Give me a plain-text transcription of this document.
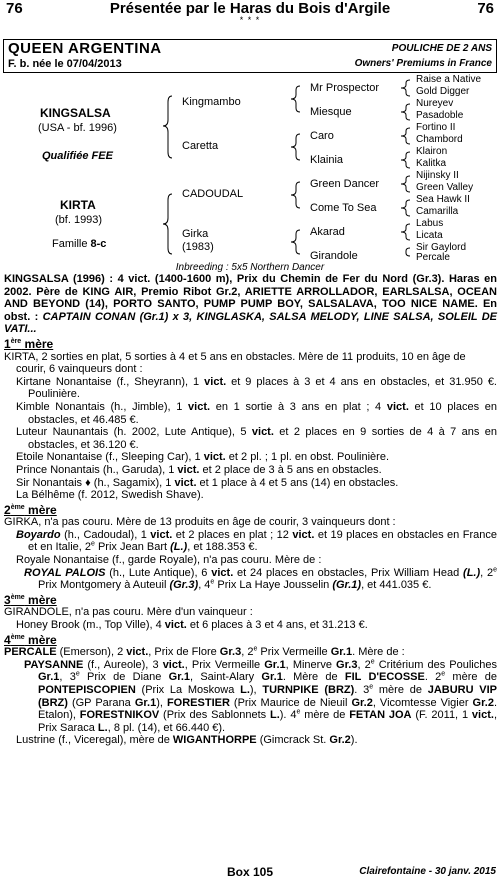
76	Présentée par le Haras du Bois d'Argile	76
* * *
QUEEN ARGENTINA	POULICHE DE 2 ANS
F. b. née le 07/04/2013	Owners' Premiums in France
KINGSALSA
(USA - bf. 1996)
Qualifiée FEE
KIRTA
(bf. 1993)
Famille 8-c
Kingmambo
Caretta
CADOUDAL
Girka
(1983)
Mr Prospector
Miesque
Caro
Klainia
Green Dancer
Come To Sea
Akarad
Girandole
Raise a Native
Gold Digger
Nureyev
Pasadoble
Fortino II
Chambord
Klairon
Kalitka
Nijinsky II
Green Valley
Sea Hawk II
Camarilla
Labus
Licata
Sir Gaylord
Percale
Inbreeding : 5x5 Northern Dancer

KINGSALSA (1996) : 4 vict. (1400-1600 m), Prix du Chemin de Fer du Nord (Gr.3). Haras en 2002. Père de KING AIR, Premio Ribot Gr.2, ARIETTE ARROLLADOR, EARLSALSA, OCEAN AND BEYOND (14), PORTO SANTO, PUMP PUMP BOY, SALSALAVA, TOO NICE NAME. En obst. : CAPTAIN CONAN (Gr.1) x 3, KINGLASKA, SALSA MELODY, LINE SALSA, SOLEIL DE VATI...

1ère mère

KIRTA, 2 sorties en plat, 5 sorties à 4 et 5 ans en obstacles. Mère de 11 produits, 10 en âge de courir, 6 vainqueurs dont :

Kirtane Nonantaise (f., Sheyrann), 1 vict. et 9 places à 3 et 4 ans en obstacles, et 31.950 €. Poulinière.

Kimble Nonantais (h., Jimble), 1 vict. en 1 sortie à 3 ans en plat ; 4 vict. et 10 places en obstacles, et 46.485 €.

Luteur Naunantais (h. 2002, Lute Antique), 5 vict. et 2 places en 9 sorties de 4 à 7 ans en obstacles, et 36.120 €.

Etoile Nonantaise (f., Sleeping Car), 1 vict. et 2 pl. ; 1 pl. en obst. Poulinière.

Prince Nonantais (h., Garuda), 1 vict. et 2 place de 3 à 5 ans en obstacles.

Sir Nonantais ♦ (h., Sagamix), 1 vict. et 1 place à 4 et 5 ans (14) en obstacles.

La Bélhême (f. 2012, Swedish Shave).

2ème mère

GIRKA, n'a pas couru. Mère de 13 produits en âge de courir, 3 vainqueurs dont :

Boyardo (h., Cadoudal), 1 vict. et 2 places en plat ; 12 vict. et 19 places en obstacles en France et en Italie, 2e Prix Jean Bart (L.), et 188.353 €.

Royale Nonantaise (f., garde Royale), n'a pas couru. Mère de :

ROYAL PALOIS (h., Lute Antique), 6 vict. et 24 places en obstacles, Prix William Head (L.), 2e Prix Montgomery à Auteuil (Gr.3), 4e Prix La Haye Jousselin (Gr.1), et 441.035 €.

3ème mère

GIRANDOLE, n'a pas couru. Mère d'un vainqueur :

Honey Brook (m., Top Ville), 4 vict. et 6 places à 3 et 4 ans, et 31.213 €.

4ème mère

PERCALE (Emerson), 2 vict., Prix de Flore Gr.3, 2e Prix Vermeille Gr.1. Mère de :

PAYSANNE (f., Aureole), 3 vict., Prix Vermeille Gr.1, Minerve Gr.3, 2e Critérium des Pouliches Gr.1, 3e Prix de Diane Gr.1, Saint-Alary Gr.1. Mère de FIL D'ECOSSE. 2e mère de PONTEPISCOPIEN (Prix La Moskowa L.), TURNPIKE (BRZ). 3e mère de JABURU VIP (BRZ) (GP Parana Gr.1), FORESTIER (Prix Maurice de Nieuil Gr.2, Vicomtesse Vigier Gr.2. Etalon), FORESTNIKOV (Prix des Sablonnets L.). 4e mère de FETAN JOA (F. 2011, 1 vict., Prix Saraca L., 8 pl. (14), et 66.440 €).

Lustrine (f., Viceregal), mère de WIGANTHORPE (Gimcrack St. Gr.2).

Box 105	Clairefontaine - 30 janv. 2015
